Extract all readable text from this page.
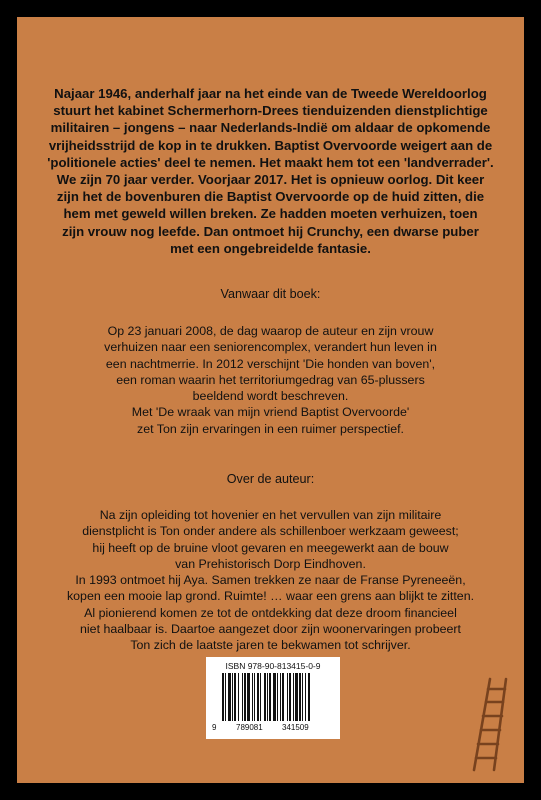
Najaar 1946, anderhalf jaar na het einde van de Tweede Wereldoorlog
stuurt het kabinet Schermerhorn-Drees tienduizenden dienstplichtige
militairen – jongens – naar Nederlands-Indië om aldaar de opkomende
vrijheidsstrijd de kop in te drukken. Baptist Overvoorde weigert aan de
'politionele acties' deel te nemen. Het maakt hem tot een 'landverrader'.
We zijn 70 jaar verder. Voorjaar 2017. Het is opnieuw oorlog. Dit keer
zijn het de bovenburen die Baptist Overvoorde op de huid zitten, die
hem met geweld willen breken. Ze hadden moeten verhuizen, toen
zijn vrouw nog leefde. Dan ontmoet hij Crunchy, een dwarse puber
met een ongebreidelde fantasie.
Vanwaar dit boek:
Op 23 januari 2008, de dag waarop de auteur en zijn vrouw
verhuizen naar een seniorencomplex, verandert hun leven in
een nachtmerrie. In 2012 verschijnt 'Die honden van boven',
een roman waarin het territoriumgedrag van 65-plussers
beeldend wordt beschreven.
Met 'De wraak van mijn vriend Baptist Overvoorde'
zet Ton zijn ervaringen in een ruimer perspectief.
Over de auteur:
Na zijn opleiding tot hovenier en het vervullen van zijn militaire
dienstplicht is Ton onder andere als schillenboer werkzaam geweest;
hij heeft op de bruine vloot gevaren en meegewerkt aan de bouw
van Prehistorisch Dorp Eindhoven.
In 1993 ontmoet hij Aya. Samen trekken ze naar de Franse Pyreneeën,
kopen een mooie lap grond. Ruimte! … waar een grens aan blijkt te zitten.
Al pionierend komen ze tot de ontdekking dat deze droom financieel
niet haalbaar is. Daartoe aangezet door zijn woonervaringen probeert
Ton zich de laatste jaren te bekwamen tot schrijver.
ISBN 978-90-813415-0-9
9 789081 341509
